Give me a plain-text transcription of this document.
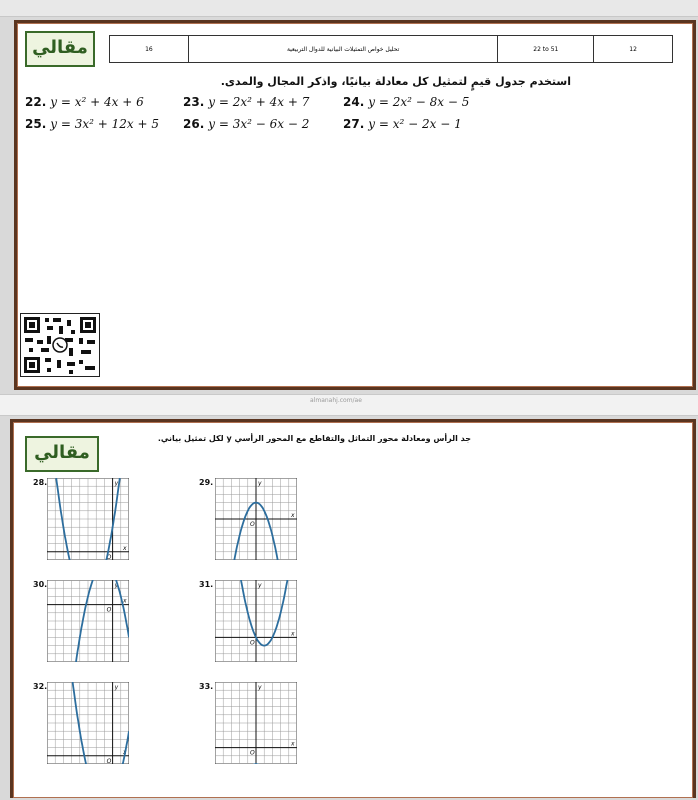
مقالي	16	تحليل خواص التمثيلات البيانية للدوال التربيعية	22 to 51	12
استخدم جدول قيمٍ لتمثيل كل معادلة بيانيًا، واذكر المجال والمدى.
22. y = x² + 4x + 6	23. y = 2x² + 4x + 7	24. y = 2x² − 8x − 5
25. y = 3x² + 12x + 5 26. y = 3x² − 6x − 2	27. y = x² − 2x − 1
almanahj.com/ae
مقالي
جد الرأس ومعادلة محور التماثل والتقاطع مع المحور الرأسي y لكل تمثيل بياني.
28.
x
y
O
29.
x
y
O
30.
x
y
O
31.
x
y
O
32.
x
y
O
33.
x
y
O
